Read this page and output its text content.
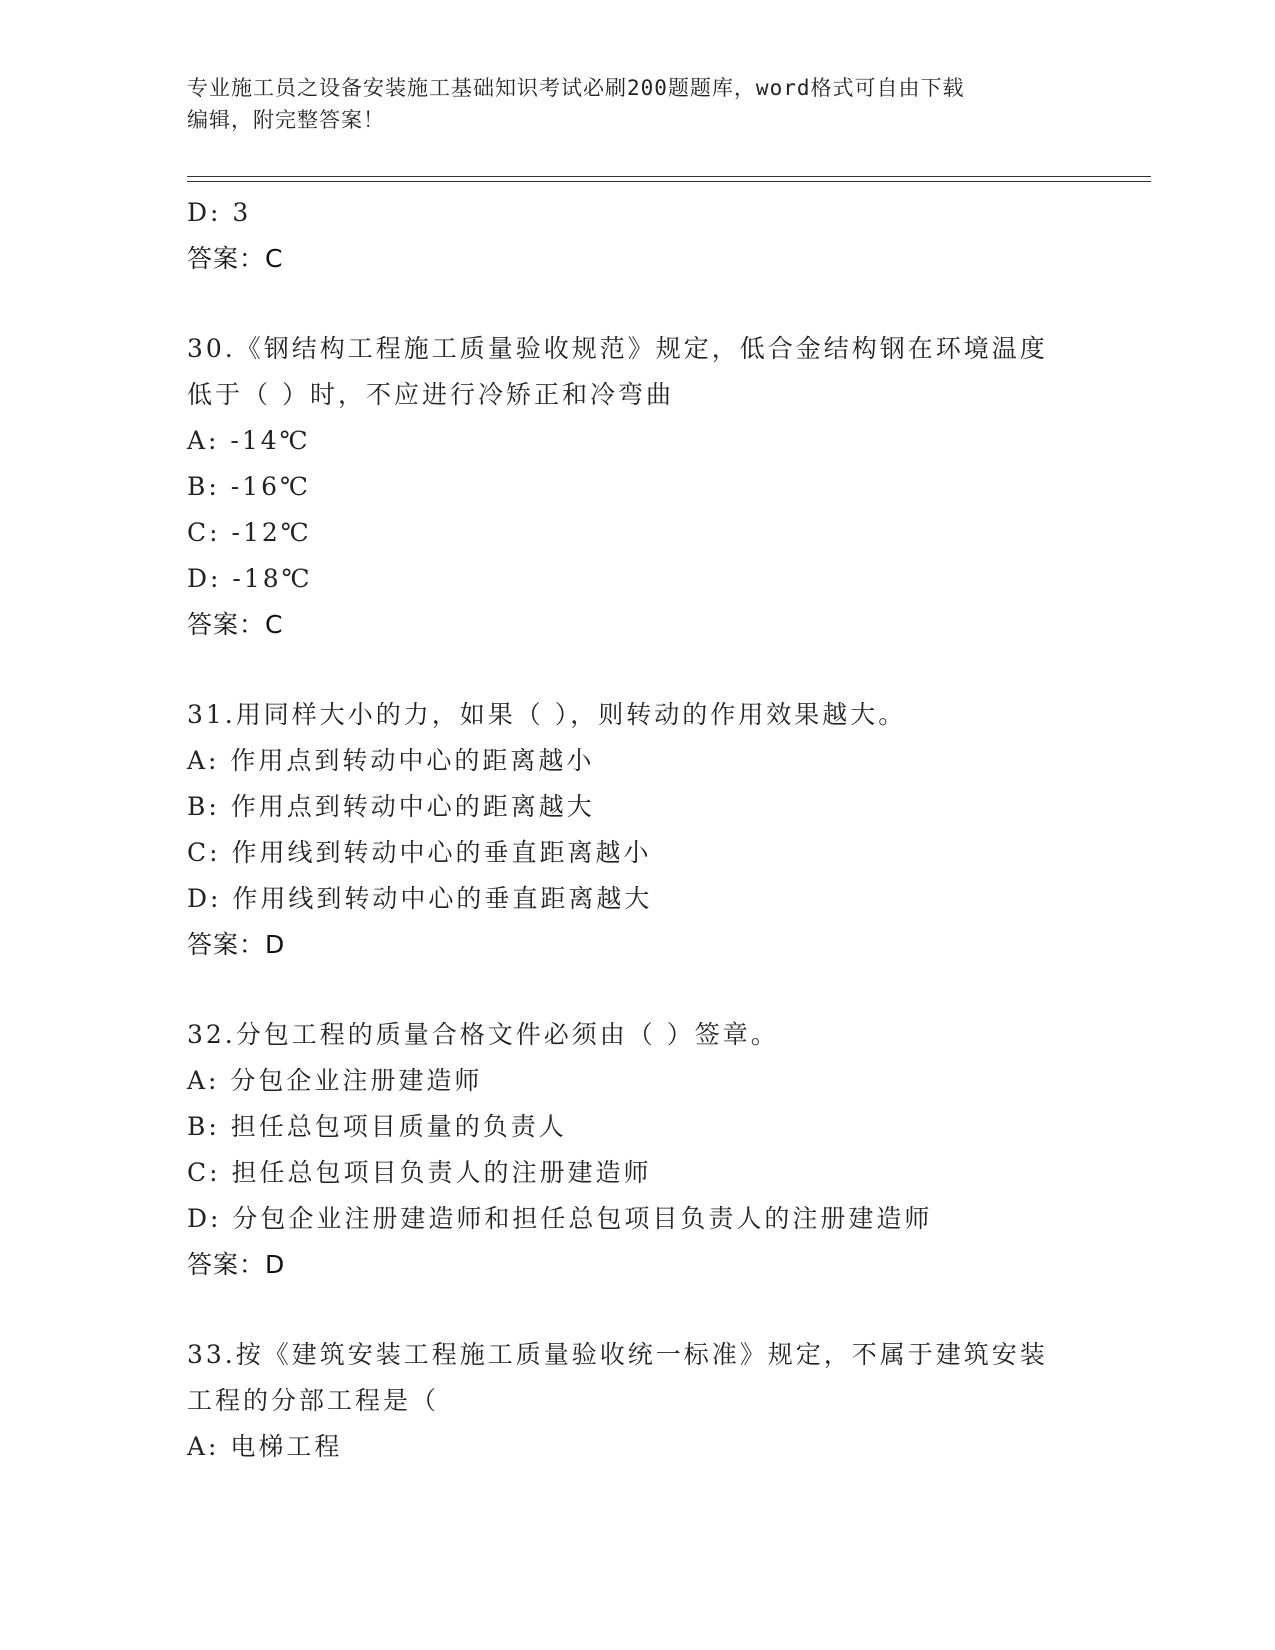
专业施工员之设备安装施工基础知识考试必刷200题题库，word格式可自由下载
编辑，附完整答案！
D: 3
答案：C
30.《钢结构工程施工质量验收规范》规定，低合金结构钢在环境温度
低于（ ）时，不应进行冷矫正和冷弯曲
A: -14℃
B: -16℃
C: -12℃
D: -18℃
答案：C
31.用同样大小的力，如果（ ），则转动的作用效果越大。
A: 作用点到转动中心的距离越小
B: 作用点到转动中心的距离越大
C: 作用线到转动中心的垂直距离越小
D: 作用线到转动中心的垂直距离越大
答案：D
32.分包工程的质量合格文件必须由（ ）签章。
A: 分包企业注册建造师
B: 担任总包项目质量的负责人
C: 担任总包项目负责人的注册建造师
D: 分包企业注册建造师和担任总包项目负责人的注册建造师
答案：D
33.按《建筑安装工程施工质量验收统一标准》规定，不属于建筑安装
工程的分部工程是（
A: 电梯工程
